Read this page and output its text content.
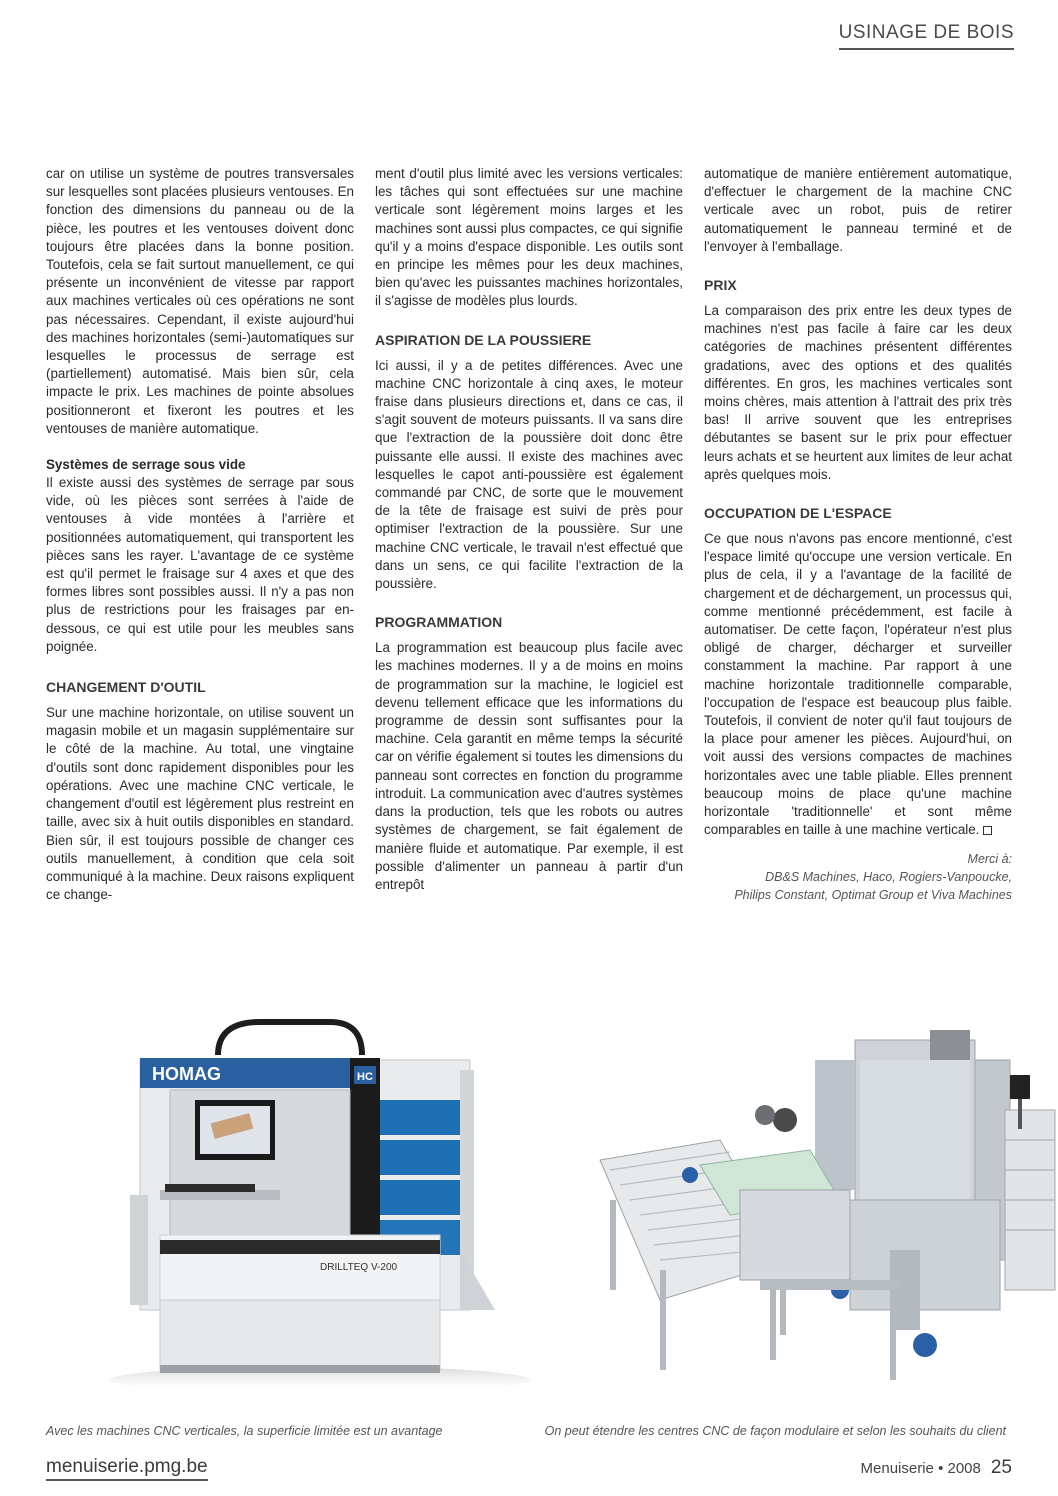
USINAGE DE BOIS

car on utilise un système de poutres transversales sur lesquelles sont placées plusieurs ventouses. En fonction des dimensions du panneau ou de la pièce, les poutres et les ventouses doivent donc toujours être placées dans la bonne position. Toutefois, cela se fait surtout manuellement, ce qui présente un inconvénient de vitesse par rapport aux machines verticales où ces opérations ne sont pas nécessaires. Cependant, il existe aujourd'hui des machines horizontales (semi-)automatiques sur lesquelles le processus de serrage est (partiellement) automatisé. Mais bien sûr, cela impacte le prix. Les machines de pointe absolues positionneront et fixeront les poutres et les ventouses de manière automatique.

Systèmes de serrage sous vide

Il existe aussi des systèmes de serrage par sous vide, où les pièces sont serrées à l'aide de ventouses à vide montées à l'arrière et positionnées automatiquement, qui transportent les pièces sans les rayer. L'avantage de ce système est qu'il permet le fraisage sur 4 axes et que des formes libres sont possibles aussi. Il n'y a pas non plus de restrictions pour les fraisages par en-dessous, ce qui est utile pour les meubles sans poignée.

CHANGEMENT D'OUTIL

Sur une machine horizontale, on utilise souvent un magasin mobile et un magasin supplémentaire sur le côté de la machine. Au total, une vingtaine d'outils sont donc rapidement disponibles pour les opérations. Avec une machine CNC verticale, le changement d'outil est légèrement plus restreint en taille, avec six à huit outils disponibles en standard. Bien sûr, il est toujours possible de changer ces outils manuellement, à condition que cela soit communiqué à la machine. Deux raisons expliquent ce change-

ment d'outil plus limité avec les versions verticales: les tâches qui sont effectuées sur une machine verticale sont légèrement moins larges et les machines sont aussi plus compactes, ce qui signifie qu'il y a moins d'espace disponible. Les outils sont en principe les mêmes pour les deux machines, bien qu'avec les puissantes machines horizontales, il s'agisse de modèles plus lourds.

ASPIRATION DE LA POUSSIERE

Ici aussi, il y a de petites différences. Avec une machine CNC horizontale à cinq axes, le moteur fraise dans plusieurs directions et, dans ce cas, il s'agit souvent de moteurs puissants. Il va sans dire que l'extraction de la poussière doit donc être puissante elle aussi. Il existe des machines avec lesquelles le capot anti-poussière est également commandé par CNC, de sorte que le mouvement de la tête de fraisage est suivi de près pour optimiser l'extraction de la poussière. Sur une machine CNC verticale, le travail n'est effectué que dans un sens, ce qui facilite l'extraction de la poussière.

PROGRAMMATION

La programmation est beaucoup plus facile avec les machines modernes. Il y a de moins en moins de programmation sur la machine, le logiciel est devenu tellement efficace que les informations du programme de dessin sont suffisantes pour la machine. Cela garantit en même temps la sécurité car on vérifie également si toutes les dimensions du panneau sont correctes en fonction du programme introduit. La communication avec d'autres systèmes dans la production, tels que les robots ou autres systèmes de chargement, se fait également de manière fluide et automatique. Par exemple, il est possible d'alimenter un panneau à partir d'un entrepôt

automatique de manière entièrement automatique, d'effectuer le chargement de la machine CNC verticale avec un robot, puis de retirer automatiquement le panneau terminé et de l'envoyer à l'emballage.

PRIX

La comparaison des prix entre les deux types de machines n'est pas facile à faire car les deux catégories de machines présentent différentes gradations, avec des options et des qualités différentes. En gros, les machines verticales sont moins chères, mais attention à l'attrait des prix très bas! Il arrive souvent que les entreprises débutantes se basent sur le prix pour effectuer leurs achats et se heurtent aux limites de leur achat après quelques mois.

OCCUPATION DE L'ESPACE

Ce que nous n'avons pas encore mentionné, c'est l'espace limité qu'occupe une version verticale. En plus de cela, il y a l'avantage de la facilité de chargement et de déchargement, un processus qui, comme mentionné précédemment, est facile à automatiser. De cette façon, l'opérateur n'est plus obligé de charger, décharger et surveiller constamment la machine. Par rapport à une machine horizontale traditionnelle comparable, l'occupation de l'espace est beaucoup plus faible. Toutefois, il convient de noter qu'il faut toujours de la place pour amener les pièces. Aujourd'hui, on voit aussi des versions compactes de machines horizontales avec une table pliable. Elles prennent beaucoup moins de place qu'une machine horizontale 'traditionnelle' et sont même comparables en taille à une machine verticale.

Merci à:
DB&S Machines, Haco, Rogiers-Vanpoucke,
Philips Constant, Optimat Group et Viva Machines
HOMAG	HC
DRILLTEQ V-200
Avec les machines CNC verticales, la superficie limitée est un avantage	On peut étendre les centres CNC de façon modulaire et selon les souhaits du client
menuiserie.pmg.be	Menuiserie • 2008 25
